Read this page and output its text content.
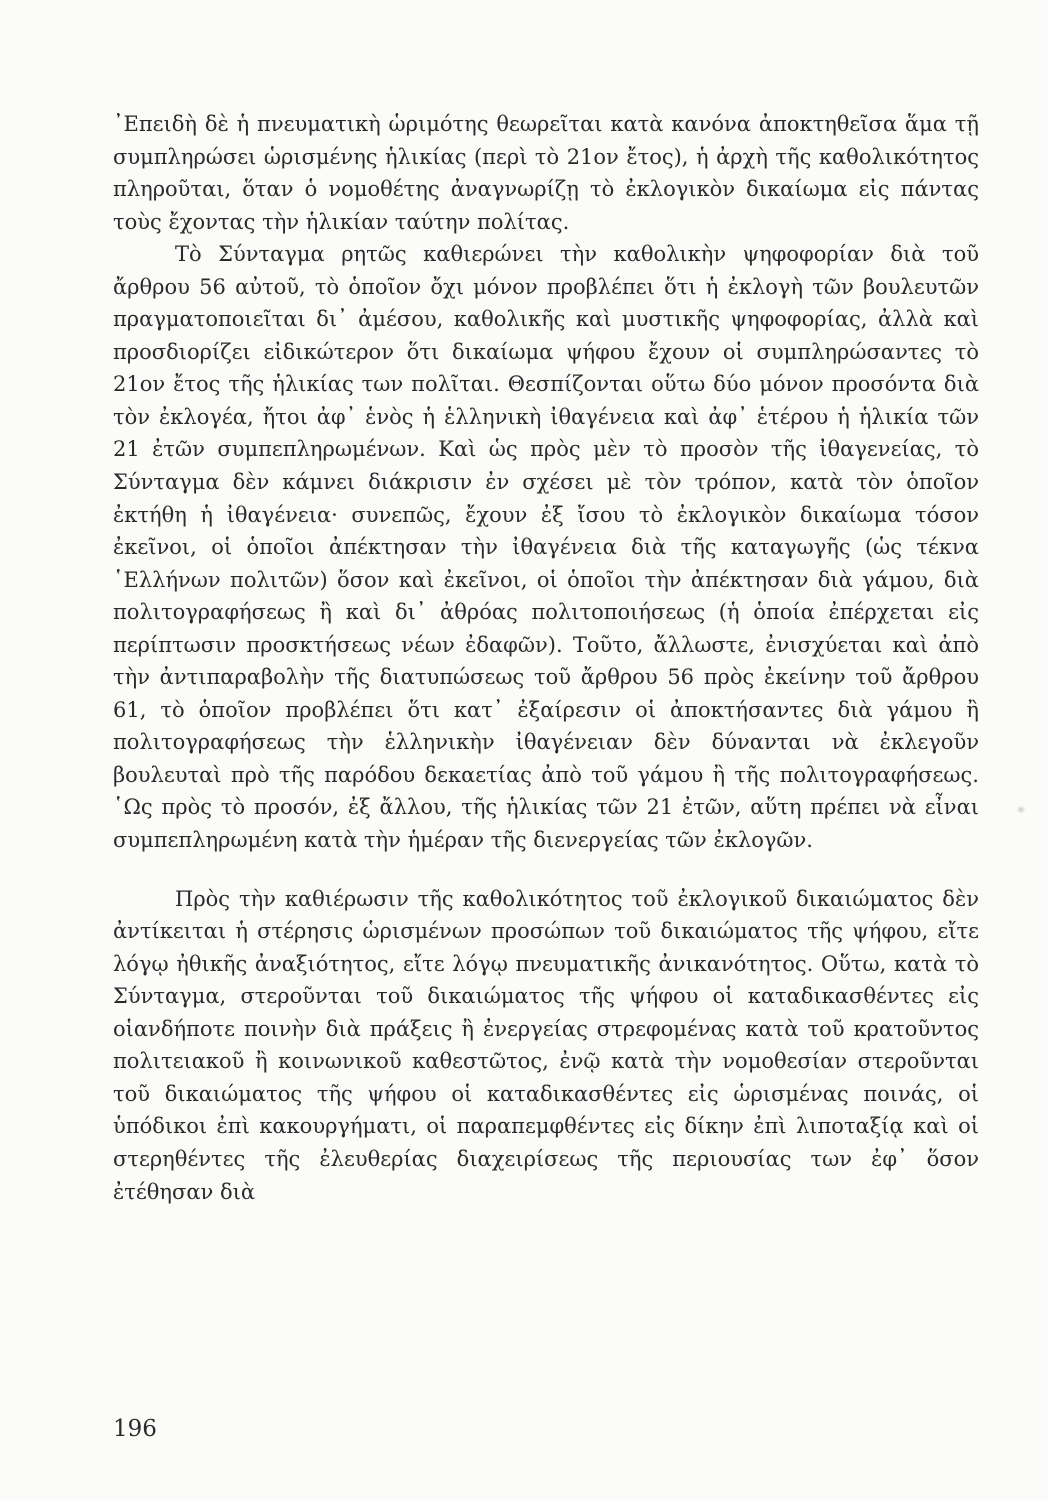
᾿Επειδὴ δὲ ἡ πνευματικὴ ὡριμότης θεωρεῖται κατὰ κανόνα ἀποκτηθεῖσα ἅμα τῇ συμπληρώσει ὡρισμένης ἡλικίας (περὶ τὸ 21ον ἔτος), ἡ ἀρχὴ τῆς καθολικότητος πληροῦται, ὅταν ὁ νομοθέτης ἀναγνωρίζῃ τὸ ἐκλογικὸν δικαίωμα εἰς πάντας τοὺς ἔχοντας τὴν ἡλικίαν ταύτην πολίτας.

Τὸ Σύνταγμα ρητῶς καθιερώνει τὴν καθολικὴν ψηφοφορίαν διὰ τοῦ ἄρθρου 56 αὐτοῦ, τὸ ὁποῖον ὄχι μόνον προβλέπει ὅτι ἡ ἐκλογὴ τῶν βουλευτῶν πραγματοποιεῖται δι᾿ ἀμέσου, καθολικῆς καὶ μυστικῆς ψηφοφορίας, ἀλλὰ καὶ προσδιορίζει εἰδικώτερον ὅτι δικαίωμα ψήφου ἔχουν οἱ συμπληρώσαντες τὸ 21ον ἔτος τῆς ἡλικίας των πολῖται. Θεσπίζονται οὕτω δύο μόνον προσόντα διὰ τὸν ἐκλογέα, ἤτοι ἀφ᾿ ἑνὸς ἡ ἑλληνικὴ ἰθαγένεια καὶ ἀφ᾿ ἑτέρου ἡ ἡλικία τῶν 21 ἐτῶν συμπεπληρωμένων. Καὶ ὡς πρὸς μὲν τὸ προσὸν τῆς ἰθαγενείας, τὸ Σύνταγμα δὲν κάμνει διάκρισιν ἐν σχέσει μὲ τὸν τρόπον, κατὰ τὸν ὁποῖον ἐκτήθη ἡ ἰθαγένεια· συνεπῶς, ἔχουν ἐξ ἴσου τὸ ἐκλογικὸν δικαίωμα τόσον ἐκεῖνοι, οἱ ὁποῖοι ἀπέκτησαν τὴν ἰθαγένεια διὰ τῆς καταγωγῆς (ὡς τέκνα ῾Ελλήνων πολιτῶν) ὅσον καὶ ἐκεῖνοι, οἱ ὁποῖοι τὴν ἀπέκτησαν διὰ γάμου, διὰ πολιτογραφήσεως ἢ καὶ δι᾿ ἀθρόας πολιτοποιήσεως (ἡ ὁποία ἐπέρχεται εἰς περίπτωσιν προσκτήσεως νέων ἐδαφῶν). Τοῦτο, ἄλλωστε, ἐνισχύεται καὶ ἀπὸ τὴν ἀντιπαραβολὴν τῆς διατυπώσεως τοῦ ἄρθρου 56 πρὸς ἐκείνην τοῦ ἄρθρου 61, τὸ ὁποῖον προβλέπει ὅτι κατ᾿ ἐξαίρεσιν οἱ ἀποκτήσαντες διὰ γάμου ἢ πολιτογραφήσεως τὴν ἑλληνικὴν ἰθαγένειαν δὲν δύνανται νὰ ἐκλεγοῦν βουλευταὶ πρὸ τῆς παρόδου δεκαετίας ἀπὸ τοῦ γάμου ἢ τῆς πολιτογραφήσεως. ῾Ως πρὸς τὸ προσόν, ἐξ ἄλλου, τῆς ἡλικίας τῶν 21 ἐτῶν, αὕτη πρέπει νὰ εἶναι συμπεπληρωμένη κατὰ τὴν ἡμέραν τῆς διενεργείας τῶν ἐκλογῶν.

Πρὸς τὴν καθιέρωσιν τῆς καθολικότητος τοῦ ἐκλογικοῦ δικαιώματος δὲν ἀντίκειται ἡ στέρησις ὡρισμένων προσώπων τοῦ δικαιώματος τῆς ψήφου, εἴτε λόγῳ ἠθικῆς ἀναξιότητος, εἴτε λόγῳ πνευματικῆς ἀνικανότητος. Οὕτω, κατὰ τὸ Σύνταγμα, στεροῦνται τοῦ δικαιώματος τῆς ψήφου οἱ καταδικασθέντες εἰς οἱανδήποτε ποινὴν διὰ πράξεις ἢ ἐνεργείας στρεφομένας κατὰ τοῦ κρατοῦντος πολιτειακοῦ ἢ κοινωνικοῦ καθεστῶτος, ἐνῷ κατὰ τὴν νομοθεσίαν στεροῦνται τοῦ δικαιώματος τῆς ψήφου οἱ καταδικασθέντες εἰς ὡρισμένας ποινάς, οἱ ὑπόδικοι ἐπὶ κακουργήματι, οἱ παραπεμφθέντες εἰς δίκην ἐπὶ λιποταξίᾳ καὶ οἱ στερηθέντες τῆς ἐλευθερίας διαχειρίσεως τῆς περιουσίας των ἐφ᾿ ὅσον ἐτέθησαν διὰ

196
